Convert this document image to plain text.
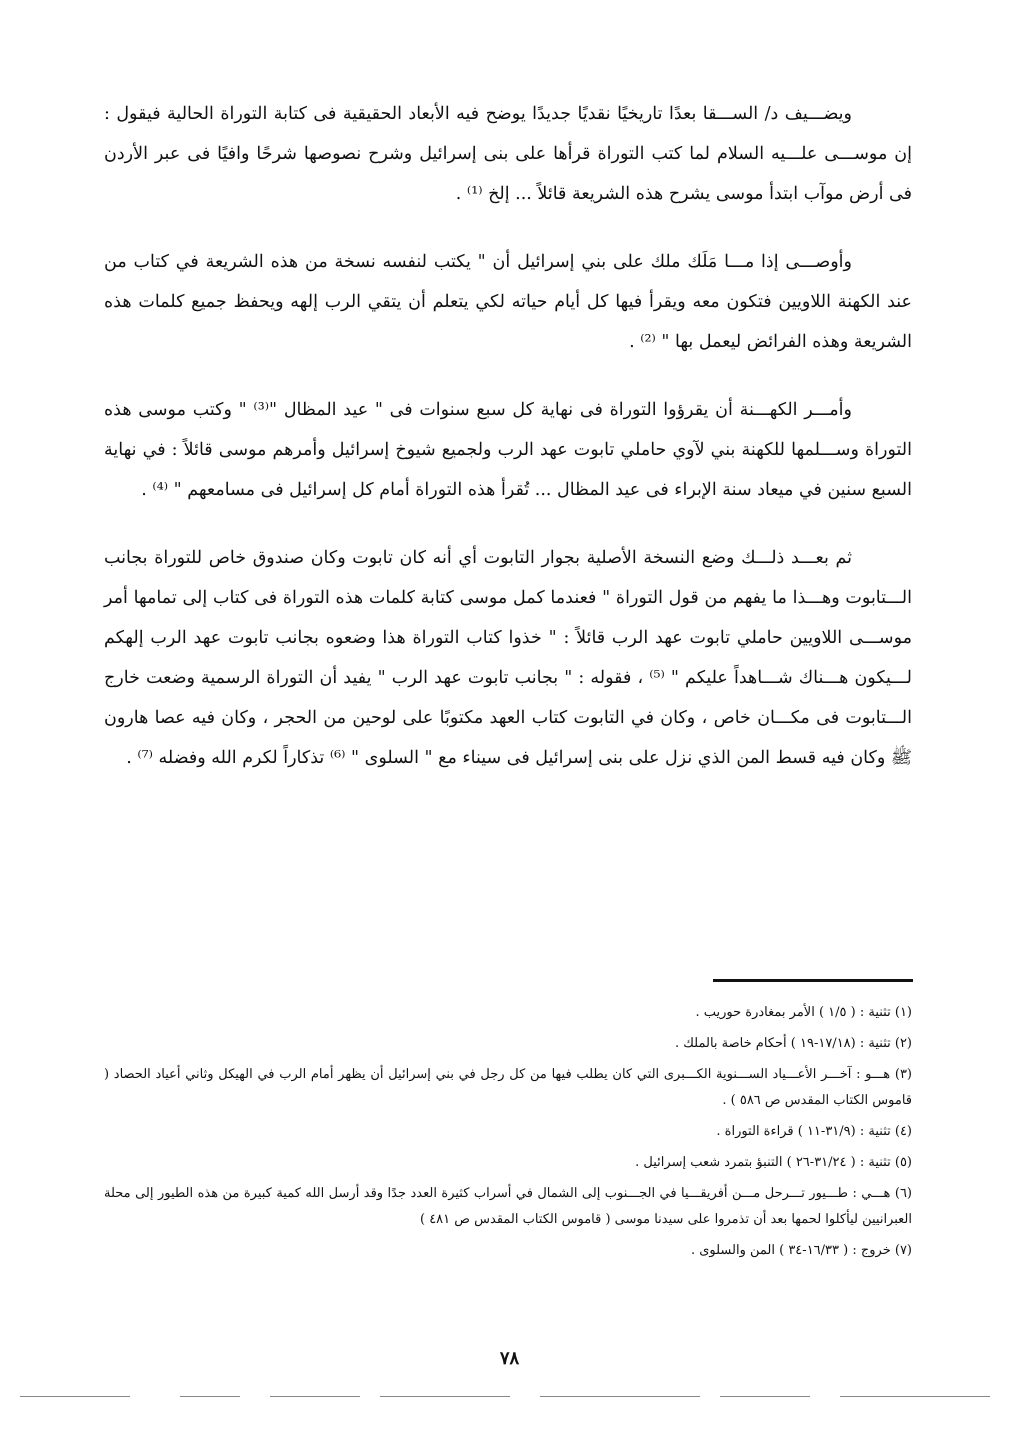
ويضـــيف د/ الســـقا بعدًا تاريخيًا نقديًا جديدًا يوضح فيه الأبعاد الحقيقية فى كتابة التوراة الحالية فيقول : إن موســـى علـــيه السلام لما كتب التوراة قرأها على بنى إسرائيل وشرح نصوصها شرحًا وافيًا فى عبر الأردن فى أرض موآب ابتدأ موسى يشرح هذه الشريعة قائلاً ... إلخ ⁽¹⁾ .

وأوصـــى إذا مـــا مَلَك ملك على بني إسرائيل أن " يكتب لنفسه نسخة من هذه الشريعة في كتاب من عند الكهنة اللاويين فتكون معه ويقرأ فيها كل أيام حياته لكي يتعلم أن يتقي الرب إلهه ويحفظ جميع كلمات هذه الشريعة وهذه الفرائض ليعمل بها " ⁽²⁾ .

وأمـــر الكهـــنة أن يقرؤوا التوراة فى نهاية كل سبع سنوات فى " عيد المظال "⁽³⁾ " وكتب موسى هذه التوراة وســـلمها للكهنة بني لآوي حاملي تابوت عهد الرب ولجميع شيوخ إسرائيل وأمرهم موسى قائلاً : في نهاية السبع سنين في ميعاد سنة الإبراء فى عيد المظال ... تُقرأ هذه التوراة أمام كل إسرائيل فى مسامعهم " ⁽⁴⁾ .

ثم بعـــد ذلـــك وضع النسخة الأصلية بجوار التابوت أي أنه كان تابوت وكان صندوق خاص للتوراة بجانب الـــتابوت وهـــذا ما يفهم من قول التوراة " فعندما كمل موسى كتابة كلمات هذه التوراة فى كتاب إلى تمامها أمر موســـى اللاويين حاملي تابوت عهد الرب قائلاً : " خذوا كتاب التوراة هذا وضعوه بجانب تابوت عهد الرب إلهكم لـــيكون هـــناك شـــاهداً عليكم " ⁽⁵⁾ ، فقوله : " بجانب تابوت عهد الرب " يفيد أن التوراة الرسمية وضعت خارج الـــتابوت فى مكـــان خاص ، وكان في التابوت كتاب العهد مكتوبًا على لوحين من الحجر ، وكان فيه عصا هارون ﷺ وكان فيه قسط المن الذي نزل على بنى إسرائيل فى سيناء مع " السلوى " ⁽⁶⁾ تذكاراً لكرم الله وفضله ⁽⁷⁾ .

(١) تثنية : ( ١/٥ ) الأمر بمغادرة حوريب .

(٢) تثنية : (١٧/١٨-١٩ ) أحكام خاصة بالملك .

(٣) هـــو : آخـــر الأعـــياد الســـنوية الكـــبرى التي كان يطلب فيها من كل رجل في بني إسرائيل أن يظهر أمام الرب في الهيكل وثاني أعياد الحصاد ( قاموس الكتاب المقدس ص ٥٨٦ ) .

(٤) تثنية : (٣١/٩-١١ ) قراءة التوراة .

(٥) تثنية : ( ٣١/٢٤-٢٦ ) التنبؤ بتمرد شعب إسرائيل .

(٦) هـــي : طـــيور تـــرحل مـــن أفريقـــيا في الجـــنوب إلى الشمال في أسراب كثيرة العدد جدًا وقد أرسل الله كمية كبيرة من هذه الطيور إلى محلة العبرانيين ليأكلوا لحمها بعد أن تذمروا على سيدنا موسى ( قاموس الكتاب المقدس ص ٤٨١ )

(٧) خروج : ( ١٦/٣٣-٣٤ ) المن والسلوى .

٧٨
